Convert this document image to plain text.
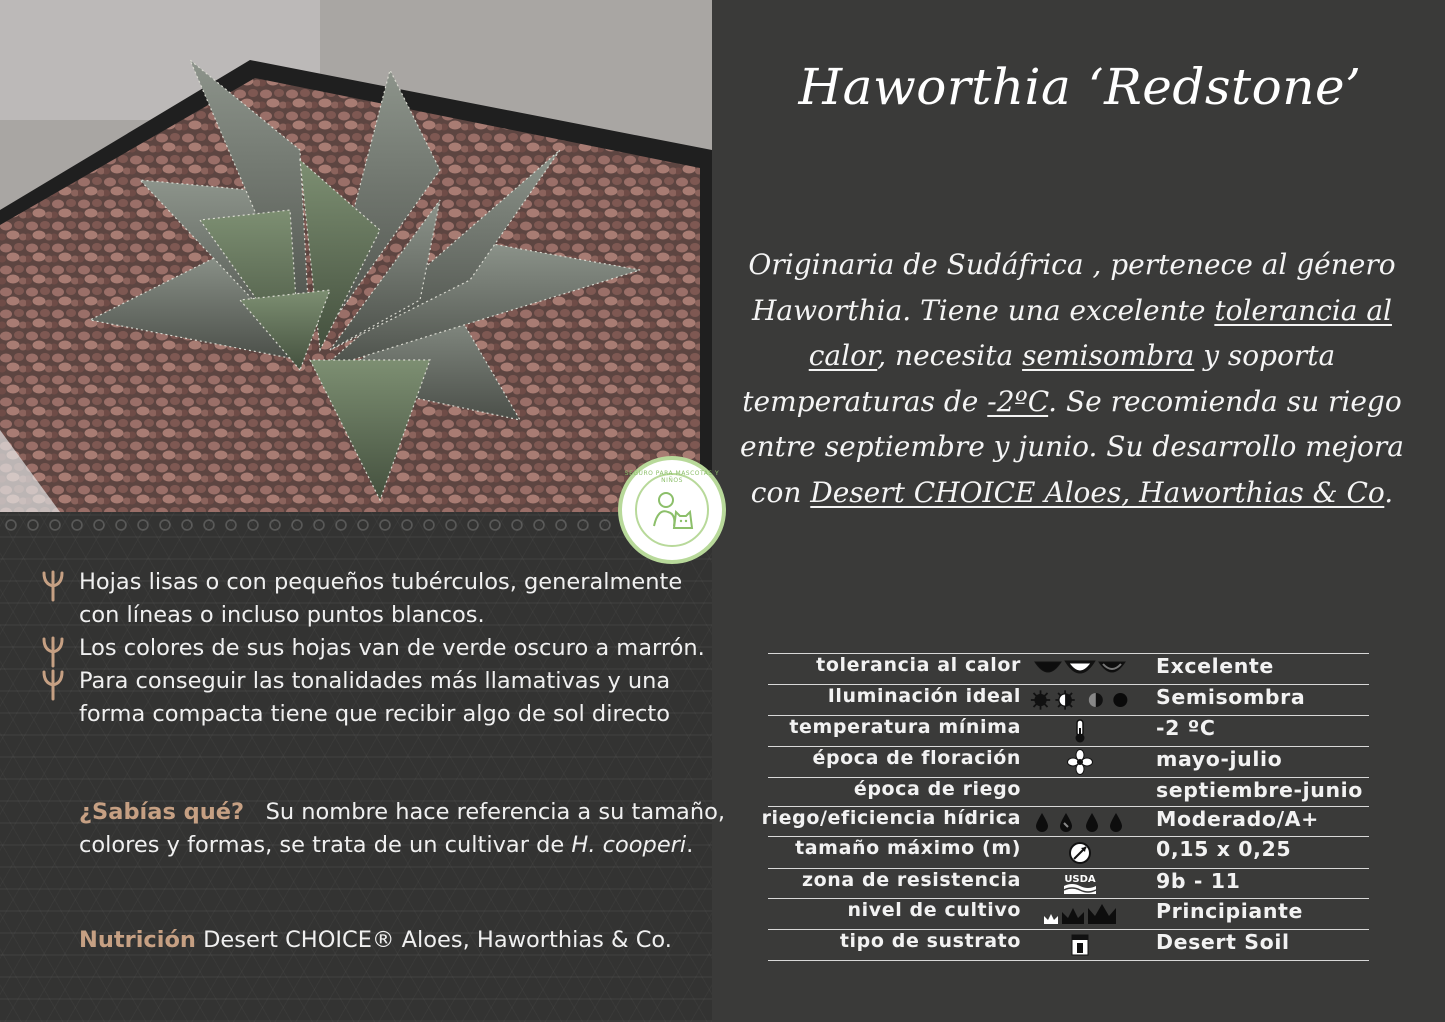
SEGURO PARA MASCOTAS Y NIÑOS
Haworthia ‘Redstone’

Originaria de Sudáfrica , pertenece al género Haworthia. Tiene una excelente tolerancia al calor, necesita semisombra y soporta temperaturas de -2ºC. Se recomienda su riego entre septiembre y junio. Su desarrollo mejora con Desert CHOICE Aloes, Haworthias & Co.

Hojas lisas o con pequeños tubérculos, generalmente con líneas o incluso puntos blancos.
Los colores de sus hojas van de verde oscuro a marrón.
Para conseguir las tonalidades más llamativas y una forma compacta tiene que recibir algo de sol directo

¿Sabías qué?   Su nombre hace referencia a su tamaño, colores y formas, se trata de un cultivar de H. cooperi.

Nutrición Desert CHOICE® Aloes, Haworthias & Co.

tolerancia al calor	Excelente
Iluminación ideal	Semisombra
temperatura mínima	-2 ºC
época de floración	mayo-julio
época de riego	septiembre-junio
riego/eficiencia hídrica	Moderado/A+
tamaño máximo (m)	0,15 x 0,25
zona de resistencia	USDA	9b - 11
nivel de cultivo	Principiante
tipo de sustrato	Desert Soil
